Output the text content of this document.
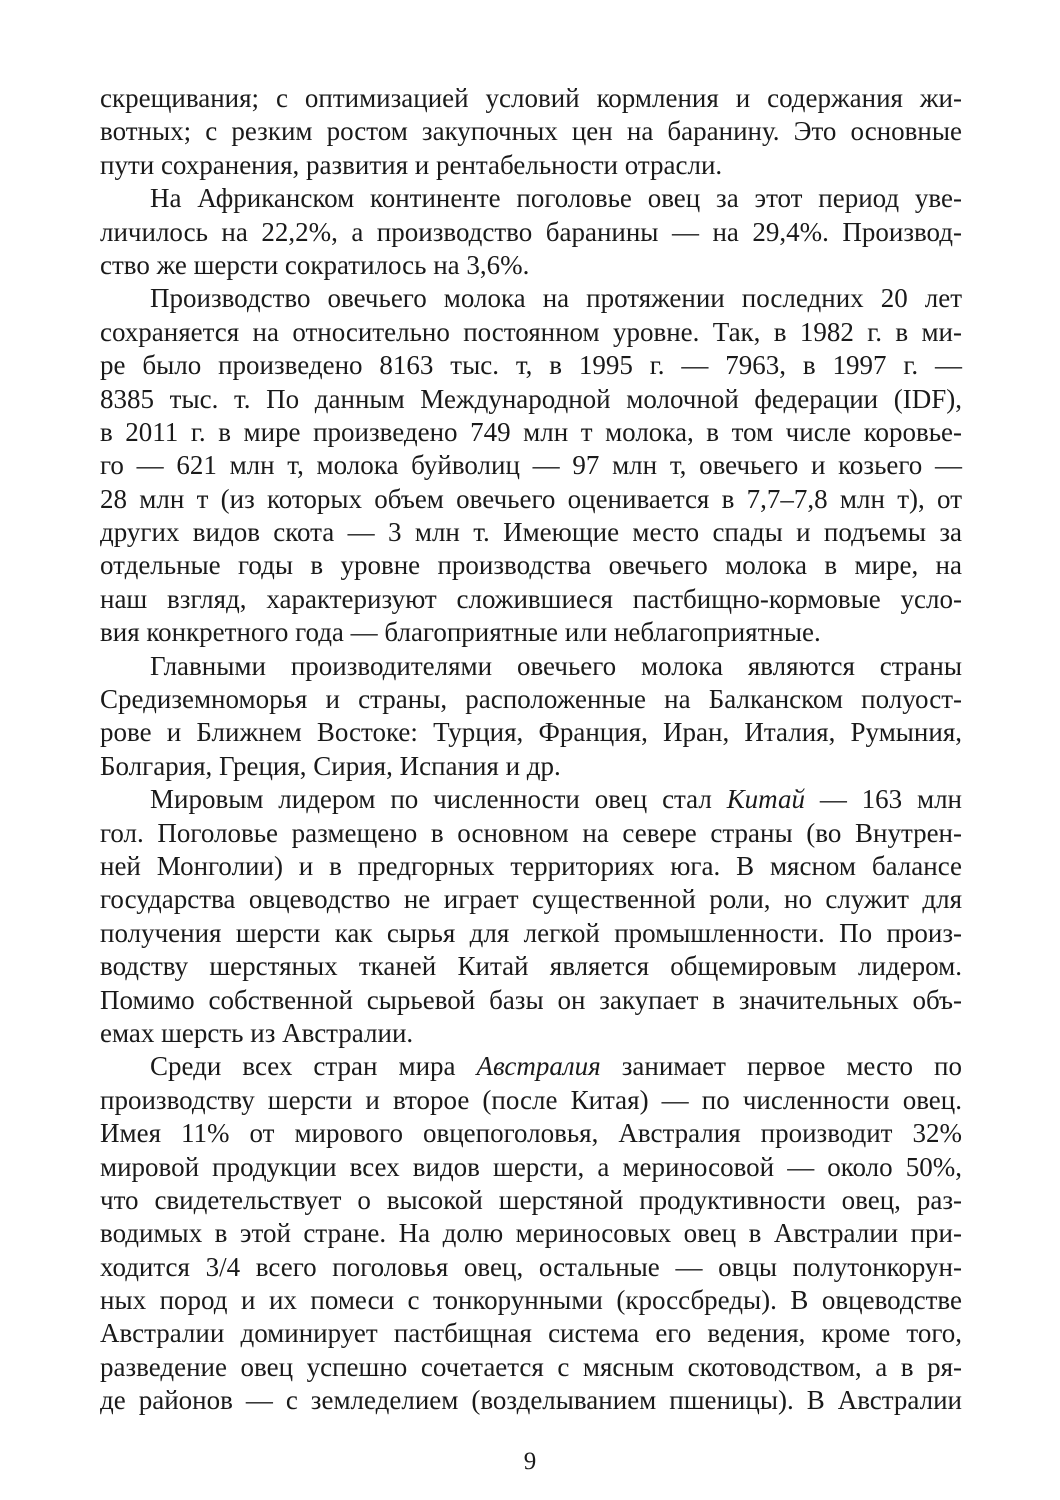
скрещивания; с оптимизацией условий кормления и содержания жи-
вотных; с резким ростом закупочных цен на баранину. Это основные
пути сохранения, развития и рентабельности отрасли.
На Африканском континенте поголовье овец за этот период уве-
личилось на 22,2%, а производство баранины — на 29,4%. Производ-
ство же шерсти сократилось на 3,6%.
Производство овечьего молока на протяжении последних 20 лет
сохраняется на относительно постоянном уровне. Так, в 1982 г. в ми-
ре было произведено 8163 тыс. т, в 1995 г. — 7963, в 1997 г. —
8385 тыс. т. По данным Международной молочной федерации (IDF),
в 2011 г. в мире произведено 749 млн т молока, в том числе коровье-
го — 621 млн т, молока буйволиц — 97 млн т, овечьего и козьего —
28 млн т (из которых объем овечьего оценивается в 7,7–7,8 млн т), от
других видов скота — 3 млн т. Имеющие место спады и подъемы за
отдельные годы в уровне производства овечьего молока в мире, на
наш взгляд, характеризуют сложившиеся пастбищно-кормовые усло-
вия конкретного года — благоприятные или неблагоприятные.
Главными производителями овечьего молока являются страны
Средиземноморья и страны, расположенные на Балканском полуост-
рове и Ближнем Востоке: Турция, Франция, Иран, Италия, Румыния,
Болгария, Греция, Сирия, Испания и др.
Мировым лидером по численности овец стал Китай — 163 млн
гол. Поголовье размещено в основном на севере страны (во Внутрен-
ней Монголии) и в предгорных территориях юга. В мясном балансе
государства овцеводство не играет существенной роли, но служит для
получения шерсти как сырья для легкой промышленности. По произ-
водству шерстяных тканей Китай является общемировым лидером.
Помимо собственной сырьевой базы он закупает в значительных объ-
емах шерсть из Австралии.
Среди всех стран мира Австралия занимает первое место по
производству шерсти и второе (после Китая) — по численности овец.
Имея 11% от мирового овцепоголовья, Австралия производит 32%
мировой продукции всех видов шерсти, а мериносовой — около 50%,
что свидетельствует о высокой шерстяной продуктивности овец, раз-
водимых в этой стране. На долю мериносовых овец в Австралии при-
ходится 3/4 всего поголовья овец, остальные — овцы полутонкорун-
ных пород и их помеси с тонкорунными (кроссбреды). В овцеводстве
Австралии доминирует пастбищная система его ведения, кроме того,
разведение овец успешно сочетается с мясным скотоводством, а в ря-
де районов — с земледелием (возделыванием пшеницы). В Австралии
9
